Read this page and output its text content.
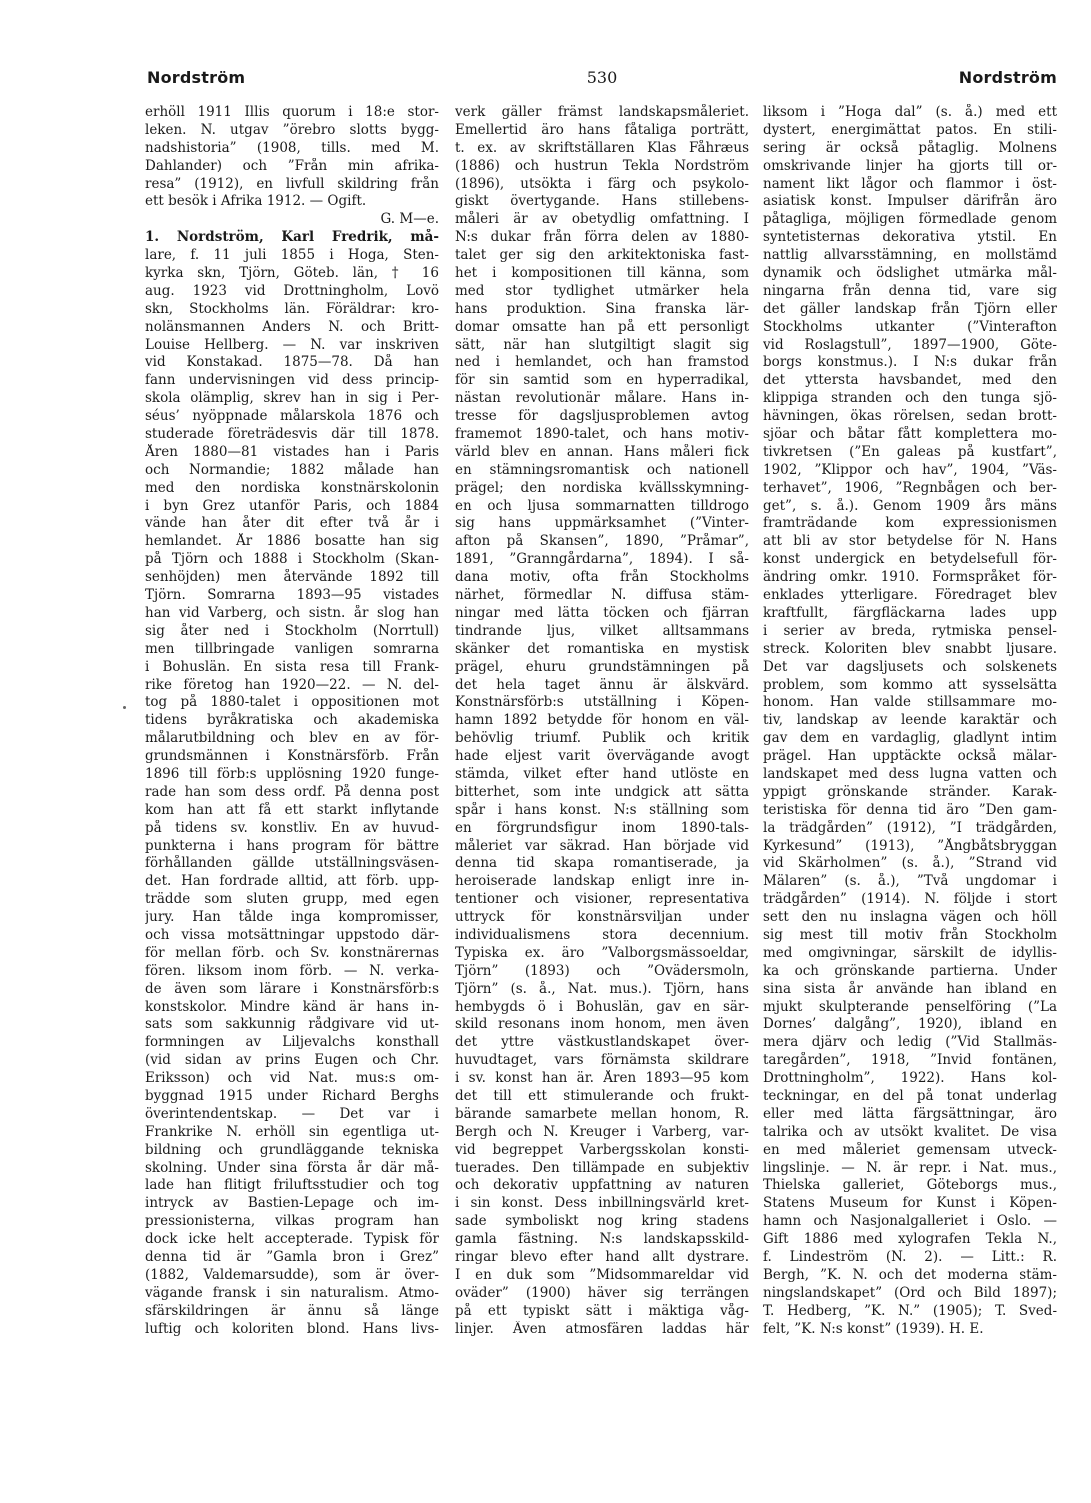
Nordström	530	Nordström
erhöll 1911 Illis quorum i 18:e stor-
leken. N. utgav ”örebro slotts bygg-
nadshistoria” (1908, tills. med M.
Dahlander) och ”Från min afrika-
resa” (1912), en livfull skildring från
ett besök i Afrika 1912. — Ogift.
G. M—e.
1. Nordström, Karl Fredrik, må-
lare, f. 11 juli 1855 i Hoga, Sten-
kyrka skn, Tjörn, Göteb. län, † 16
aug. 1923 vid Drottningholm, Lovö
skn, Stockholms län. Föräldrar: kro-
nolänsmannen Anders N. och Britt-
Louise Hellberg. — N. var inskriven
vid Konstakad. 1875—78. Då han
fann undervisningen vid dess princip-
skola olämplig, skrev han in sig i Per-
séus’ nyöppnade målarskola 1876 och
studerade företrädesvis där till 1878.
Åren 1880—81 vistades han i Paris
och Normandie; 1882 målade han
med den nordiska konstnärskolonin
i byn Grez utanför Paris, och 1884
vände han åter dit efter två år i
hemlandet. År 1886 bosatte han sig
på Tjörn och 1888 i Stockholm (Skan-
senhöjden) men återvände 1892 till
Tjörn. Somrarna 1893—95 vistades
han vid Varberg, och sistn. år slog han
sig åter ned i Stockholm (Norrtull)
men tillbringade vanligen somrarna
i Bohuslän. En sista resa till Frank-
rike företog han 1920—22. — N. del-
tog på 1880-talet i oppositionen mot
tidens byråkratiska och akademiska
målarutbildning och blev en av för-
grundsmännen i Konstnärsförb. Från
1896 till förb:s upplösning 1920 funge-
rade han som dess ordf. På denna post
kom han att få ett starkt inflytande
på tidens sv. konstliv. En av huvud-
punkterna i hans program för bättre
förhållanden gällde utställningsväsen-
det. Han fordrade alltid, att förb. upp-
trädde som sluten grupp, med egen
jury. Han tålde inga kompromisser,
och vissa motsättningar uppstodo där-
för mellan förb. och Sv. konstnärernas
fören. liksom inom förb. — N. verka-
de även som lärare i Konstnärsförb:s
konstskolor. Mindre känd är hans in-
sats som sakkunnig rådgivare vid ut-
formningen av Liljevalchs konsthall
(vid sidan av prins Eugen och Chr.
Eriksson) och vid Nat. mus:s om-
byggnad 1915 under Richard Berghs
överintendentskap. — Det var i
Frankrike N. erhöll sin egentliga ut-
bildning och grundläggande tekniska
skolning. Under sina första år där må-
lade han flitigt friluftsstudier och tog
intryck av Bastien-Lepage och im-
pressionisterna, vilkas program han
dock icke helt accepterade. Typisk för
denna tid är ”Gamla bron i Grez”
(1882, Valdemarsudde), som är över-
vägande fransk i sin naturalism. Atmo-
sfärskildringen är ännu så länge
luftig och koloriten blond. Hans livs-
verk gäller främst landskapsmåleriet.
Emellertid äro hans fåtaliga porträtt,
t. ex. av skriftställaren Klas Fåhræus
(1886) och hustrun Tekla Nordström
(1896), utsökta i färg och psykolo-
giskt övertygande. Hans stillebens-
måleri är av obetydlig omfattning. I
N:s dukar från förra delen av 1880-
talet ger sig den arkitektoniska fast-
het i kompositionen till känna, som
med stor tydlighet utmärker hela
hans produktion. Sina franska lär-
domar omsatte han på ett personligt
sätt, när han slutgiltigt slagit sig
ned i hemlandet, och han framstod
för sin samtid som en hyperradikal,
nästan revolutionär målare. Hans in-
tresse för dagsljusproblemen avtog
framemot 1890-talet, och hans motiv-
värld blev en annan. Hans måleri fick
en stämningsromantisk och nationell
prägel; den nordiska kvällsskymning-
en och ljusa sommarnatten tilldrogo
sig hans uppmärksamhet (”Vinter-
afton på Skansen”, 1890, ”Pråmar”,
1891, ”Granngårdarna”, 1894). I så-
dana motiv, ofta från Stockholms
närhet, förmedlar N. diffusa stäm-
ningar med lätta töcken och fjärran
tindrande ljus, vilket alltsammans
skänker det romantiska en mystisk
prägel, ehuru grundstämningen på
det hela taget ännu är älskvärd.
Konstnärsförb:s utställning i Köpen-
hamn 1892 betydde för honom en väl-
behövlig triumf. Publik och kritik
hade eljest varit övervägande avogt
stämda, vilket efter hand utlöste en
bitterhet, som inte undgick att sätta
spår i hans konst. N:s ställning som
en förgrundsfigur inom 1890-tals-
måleriet var säkrad. Han började vid
denna tid skapa romantiserade, ja
heroiserade landskap enligt inre in-
tentioner och visioner, representativa
uttryck för konstnärsviljan under
individualismens stora decennium.
Typiska ex. äro ”Valborgsmässoeldar,
Tjörn” (1893) och ”Ovädersmoln,
Tjörn” (s. å., Nat. mus.). Tjörn, hans
hembygds ö i Bohuslän, gav en sär-
skild resonans inom honom, men även
det yttre västkustlandskapet över-
huvudtaget, vars förnämsta skildrare
i sv. konst han är. Åren 1893—95 kom
det till ett stimulerande och frukt-
bärande samarbete mellan honom, R.
Bergh och N. Kreuger i Varberg, var-
vid begreppet Varbergsskolan konsti-
tuerades. Den tillämpade en subjektiv
och dekorativ uppfattning av naturen
i sin konst. Dess inbillningsvärld kret-
sade symboliskt nog kring stadens
gamla fästning. N:s landskapsskild-
ringar blevo efter hand allt dystrare.
I en duk som ”Midsommareldar vid
oväder” (1900) häver sig terrängen
på ett typiskt sätt i mäktiga våg-
linjer. Även atmosfären laddas här
liksom i ”Hoga dal” (s. å.) med ett
dystert, energimättat patos. En stili-
sering är också påtaglig. Molnens
omskrivande linjer ha gjorts till or-
nament likt lågor och flammor i öst-
asiatisk konst. Impulser därifrån äro
påtagliga, möjligen förmedlade genom
syntetisternas dekorativa ytstil. En
nattlig allvarsstämning, en mollstämd
dynamik och ödslighet utmärka mål-
ningarna från denna tid, vare sig
det gäller landskap från Tjörn eller
Stockholms utkanter (”Vinterafton
vid Roslagstull”, 1897—1900, Göte-
borgs konstmus.). I N:s dukar från
det yttersta havsbandet, med den
klippiga stranden och den tunga sjö-
hävningen, ökas rörelsen, sedan brott-
sjöar och båtar fått komplettera mo-
tivkretsen (”En galeas på kustfart”,
1902, ”Klippor och hav”, 1904, ”Väs-
terhavet”, 1906, ”Regnbågen och ber-
get”, s. å.). Genom 1909 års mäns
framträdande kom expressionismen
att bli av stor betydelse för N. Hans
konst undergick en betydelsefull för-
ändring omkr. 1910. Formspråket för-
enklades ytterligare. Föredraget blev
kraftfullt, färgfläckarna lades upp
i serier av breda, rytmiska pensel-
streck. Koloriten blev snabbt ljusare.
Det var dagsljusets och solskenets
problem, som kommo att sysselsätta
honom. Han valde stillsammare mo-
tiv, landskap av leende karaktär och
gav dem en vardaglig, gladlynt intim
prägel. Han upptäckte också mälar-
landskapet med dess lugna vatten och
yppigt grönskande stränder. Karak-
teristiska för denna tid äro ”Den gam-
la trädgården” (1912), ”I trädgården,
Kyrkesund” (1913), ”Ångbåtsbryggan
vid Skärholmen” (s. å.), ”Strand vid
Mälaren” (s. å.), ”Två ungdomar i
trädgården” (1914). N. följde i stort
sett den nu inslagna vägen och höll
sig mest till motiv från Stockholm
med omgivningar, särskilt de idyllis-
ka och grönskande partierna. Under
sina sista år använde han ibland en
mjukt skulpterande penselföring (”La
Dornes’ dalgång”, 1920), ibland en
mera djärv och ledig (”Vid Stallmäs-
taregården”, 1918, ”Invid fontänen,
Drottningholm”, 1922). Hans kol-
teckningar, en del på tonat underlag
eller med lätta färgsättningar, äro
talrika och av utsökt kvalitet. De visa
en med måleriet gemensam utveck-
lingslinje. — N. är repr. i Nat. mus.,
Thielska galleriet, Göteborgs mus.,
Statens Museum for Kunst i Köpen-
hamn och Nasjonalgalleriet i Oslo. —
Gift 1886 med xylografen Tekla N.,
f. Lindeström (N. 2). — Litt.: R.
Bergh, ”K. N. och det moderna stäm-
ningslandskapet” (Ord och Bild 1897);
T. Hedberg, ”K. N.” (1905); T. Sved-
felt, ”K. N:s konst” (1939). H. E.
